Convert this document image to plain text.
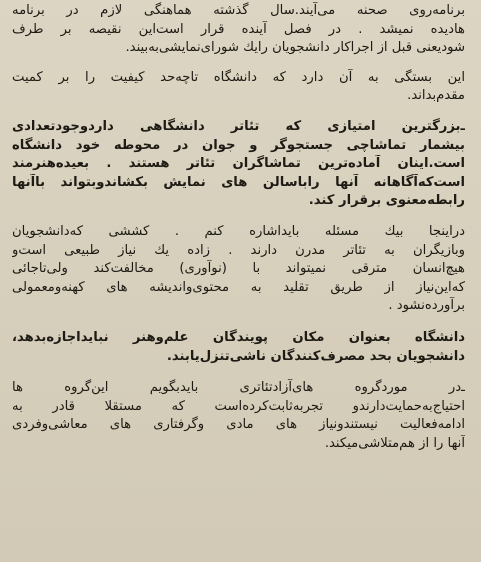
برنامه‌روی صحنه می‌آیند.سال گذشته هماهنگی لازم در برنامه
هادیده نمیشد . در فصل آینده قرار است‌این نقیصه بر طرف
شودیعنی قبل از اجراکار دانشجویان رایك شورای‌نمایشی‌به‌بیند.
این بستگی به آن دارد که دانشگاه تاچه‌حد کیفیت را بر کمیت
مقدم‌بداند.
ـ‌بزرگترین امتیازی که تئاتر دانشگاهی داردوجودتعدادی
بیشمار تماشاچی جستجوگر و جوان در محوطه خود دانشگاه
است.اینان آماده‌ترین تماشاگران تئاتر هستند . بعیده‌هنرمند
است‌که‌آگاهانه آنها راباسالن های نمایش بکشاندوبتواند باآنها
رابطه‌معنوی برقرار کند.
دراینجا بیك مسئله بایداشاره کنم . کششی که‌دانشجویان
وبازیگران به تئاتر مدرن دارند . زاده یك نیاز طبیعی است‌و
هیچ‌انسان مترقی نمیتواند با (نوآوری) مخالفت‌کند ولی‌تاجائی
که‌این‌نیاز از طریق تقلید به محتوی‌واندیشه های کهنه‌ومعمولی
برآورده‌نشود .
دانشگاه بعنوان مکان پویندگان علم‌وهنر نبایداجازه‌بدهد،
دانشجویان بحد مصرف‌کنندگان ناشی‌تنزل‌یابند.
ـ‌در موردگروه های‌آزادتئاتری بایدبگویم این‌گروه ها
احتیاج‌به‌حمایت‌دارندو تجربه‌ثابت‌کرده‌است که مستقلا قادر به
ادامه‌فعالیت نیستندونیاز های مادی وگرفتاری های معاشی‌وفردی
آنها را از هم‌متلاشی‌میکند.
